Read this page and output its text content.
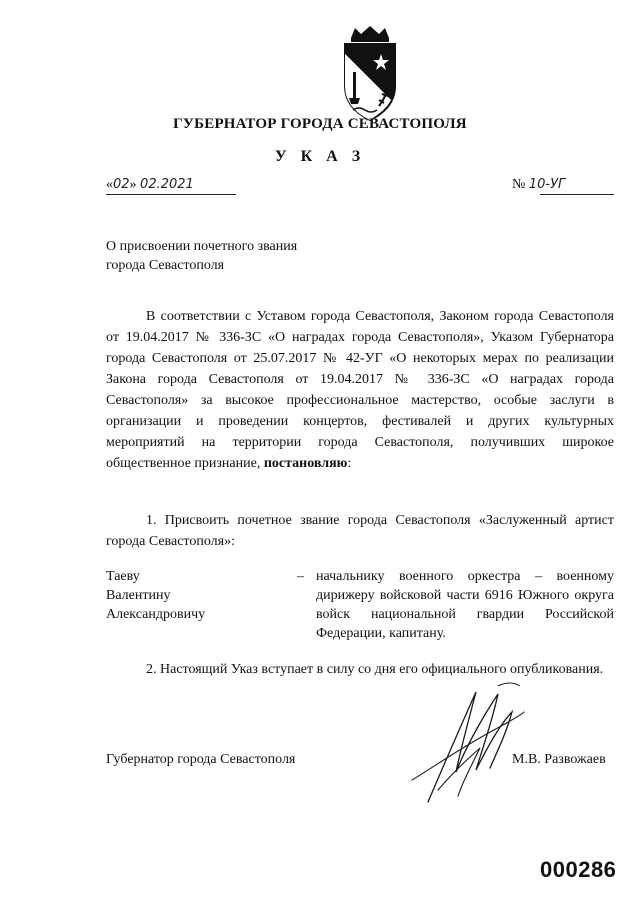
ГУБЕРНАТОР ГОРОДА СЕВАСТОПОЛЯ
У К А З
«02» 02.2021	№ 10-УГ
О присвоении почетного звания
города Севастополя
В соответствии с Уставом города Севастополя, Законом города Севастополя от 19.04.2017 № 336-ЗС «О наградах города Севастополя», Указом Губернатора города Севастополя от 25.07.2017 № 42-УГ «О некоторых мерах по реализации Закона города Севастополя от 19.04.2017 № 336-ЗС «О наградах города Севастополя» за высокое профессиональное мастерство, особые заслуги в организации и проведении концертов, фестивалей и других культурных мероприятий на территории города Севастополя, получивших широкое общественное признание, постановляю:
1. Присвоить почетное звание города Севастополя «Заслуженный артист города Севастополя»:
Таеву
Валентину
Александровичу
– начальнику военного оркестра – военному дирижеру войсковой части 6916 Южного округа войск национальной гвардии Российской Федерации, капитану.
2. Настоящий Указ вступает в силу со дня его официального опубликования.
Губернатор города Севастополя	М.В. Развожаев
000286
